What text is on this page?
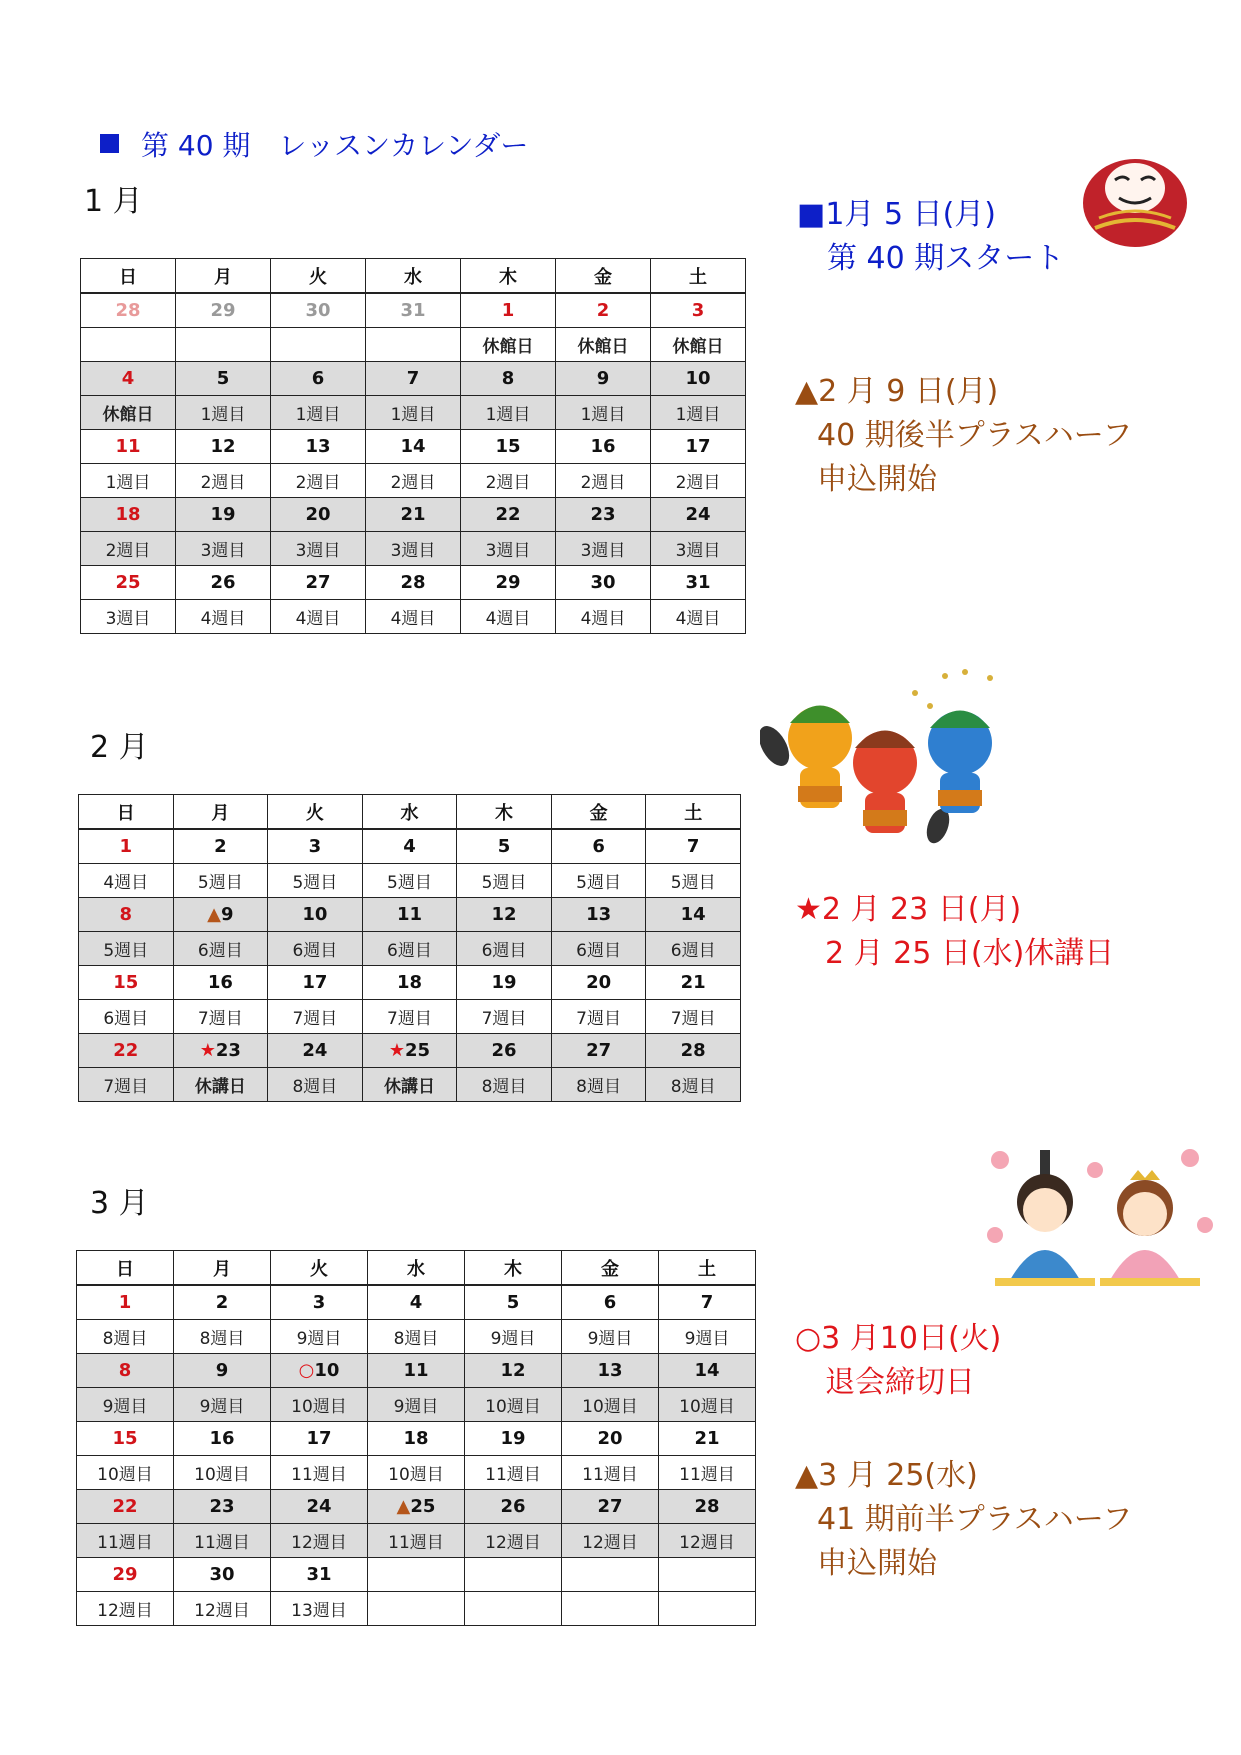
第 40 期　レッスンカレンダー
1 月
日	月	火	水	木	金	土
28	29	30	31	1	2	3
				休館日	休館日	休館日
4	5	6	7	8	9	10
休館日	1週目	1週目	1週目	1週目	1週目	1週目
11	12	13	14	15	16	17
1週目	2週目	2週目	2週目	2週目	2週目	2週目
18	19	20	21	22	23	24
2週目	3週目	3週目	3週目	3週目	3週目	3週目
25	26	27	28	29	30	31
3週目	4週目	4週目	4週目	4週目	4週目	4週目
2 月
日	月	火	水	木	金	土
1	2	3	4	5	6	7
4週目	5週目	5週目	5週目	5週目	5週目	5週目
8	▲9	10	11	12	13	14
5週目	6週目	6週目	6週目	6週目	6週目	6週目
15	16	17	18	19	20	21
6週目	7週目	7週目	7週目	7週目	7週目	7週目
22	★23	24	★25	26	27	28
7週目	休講日	8週目	休講日	8週目	8週目	8週目
3 月
日	月	火	水	木	金	土
1	2	3	4	5	6	7
8週目	8週目	9週目	8週目	9週目	9週目	9週目
8	9	○10	11	12	13	14
9週目	9週目	10週目	9週目	10週目	10週目	10週目
15	16	17	18	19	20	21
10週目	10週目	11週目	10週目	11週目	11週目	11週目
22	23	24	▲25	26	27	28
11週目	11週目	12週目	11週目	12週目	12週目	12週目
29	30	31				
12週目	12週目	13週目				
■1月 5 日(月)
第 40 期スタート
▲2 月 9 日(月)
40 期後半プラスハーフ
申込開始
★2 月 23 日(月)
2 月 25 日(水)休講日
○3 月10日(火)
退会締切日
▲3 月 25(水)
41 期前半プラスハーフ
申込開始
